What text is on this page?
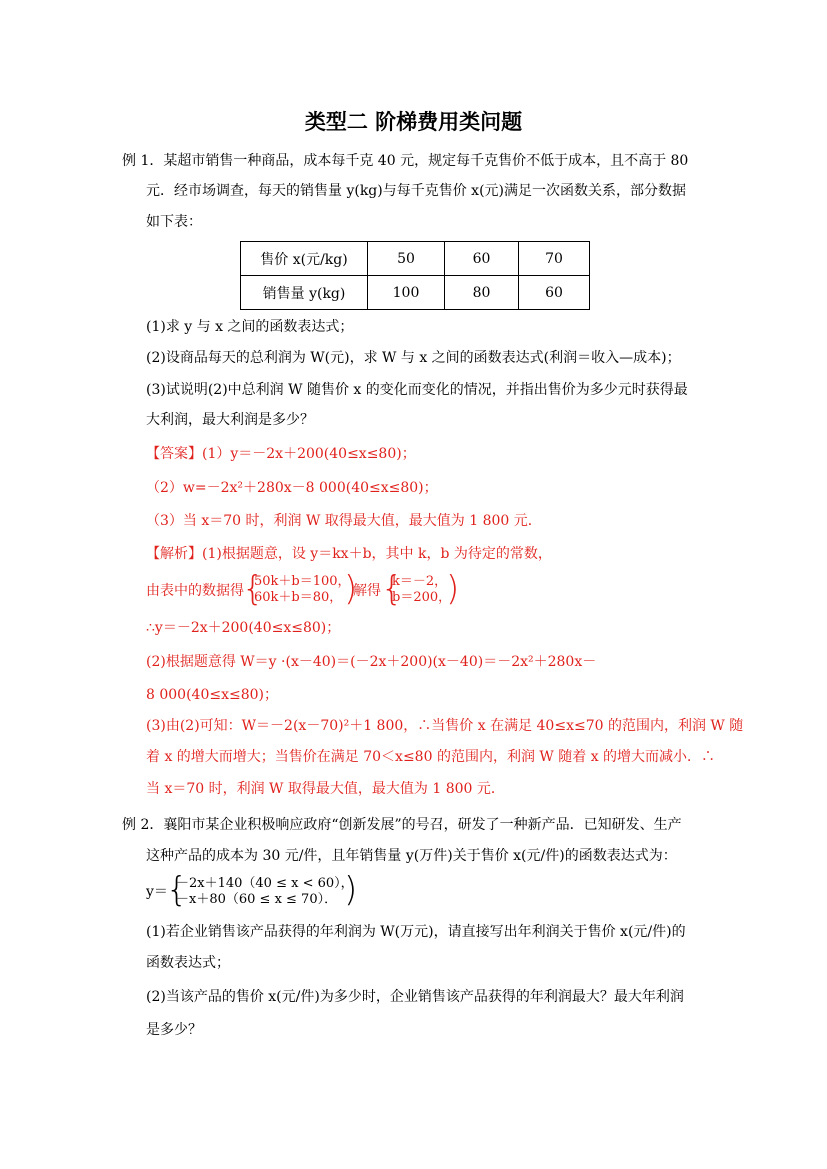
类型二 阶梯费用类问题
例 1．某超市销售一种商品，成本每千克 40 元，规定每千克售价不低于成本，且不高于 80
元．经市场调查，每天的销售量 y(kg)与每千克售价 x(元)满足一次函数关系，部分数据
如下表：
售价 x(元/kg)	50	60	70
销售量 y(kg)	100	80	60
(1)求 y 与 x 之间的函数表达式；
(2)设商品每天的总利润为 W(元)，求 W 与 x 之间的函数表达式(利润＝收入—成本)；
(3)试说明(2)中总利润 W 随售价 x 的变化而变化的情况，并指出售价为多少元时获得最
大利润，最大利润是多少？
【答案】(1）y＝－2x＋200(40≤x≤80)；
（2）w=－2x²＋280x－8 000(40≤x≤80)；
（3）当 x＝70 时，利润 W 取得最大值，最大值为 1 800 元．
【解析】(1)根据题意，设 y＝kx＋b，其中 k，b 为待定的常数，
由表中的数据得
{
50k＋b＝100，
60k＋b＝80， )
解得 {
k＝－2，
b＝200，
)
∴y＝－2x＋200(40≤x≤80)；
(2)根据题意得 W＝y ·(x－40)＝(－2x＋200)(x－40)＝－2x²＋280x－
8 000(40≤x≤80)；
(3)由(2)可知：W＝－2(x－70)²＋1 800，∴当售价 x 在满足 40≤x≤70 的范围内，利润 W 随
着 x 的增大而增大；当售价在满足 70＜x≤80 的范围内，利润 W 随着 x 的增大而减小．∴
当 x＝70 时，利润 W 取得最大值，最大值为 1 800 元．
例 2．襄阳市某企业积极响应政府“创新发展”的号召，研发了一种新产品．已知研发、生产
这种产品的成本为 30 元/件，且年销售量 y(万件)关于售价 x(元/件)的函数表达式为：
y＝
{
－2x＋140（40 ≤ x < 60），
－x＋80（60 ≤ x ≤ 70）． )
(1)若企业销售该产品获得的年利润为 W(万元)，请直接写出年利润关于售价 x(元/件)的
函数表达式；
(2)当该产品的售价 x(元/件)为多少时，企业销售该产品获得的年利润最大？最大年利润
是多少？
